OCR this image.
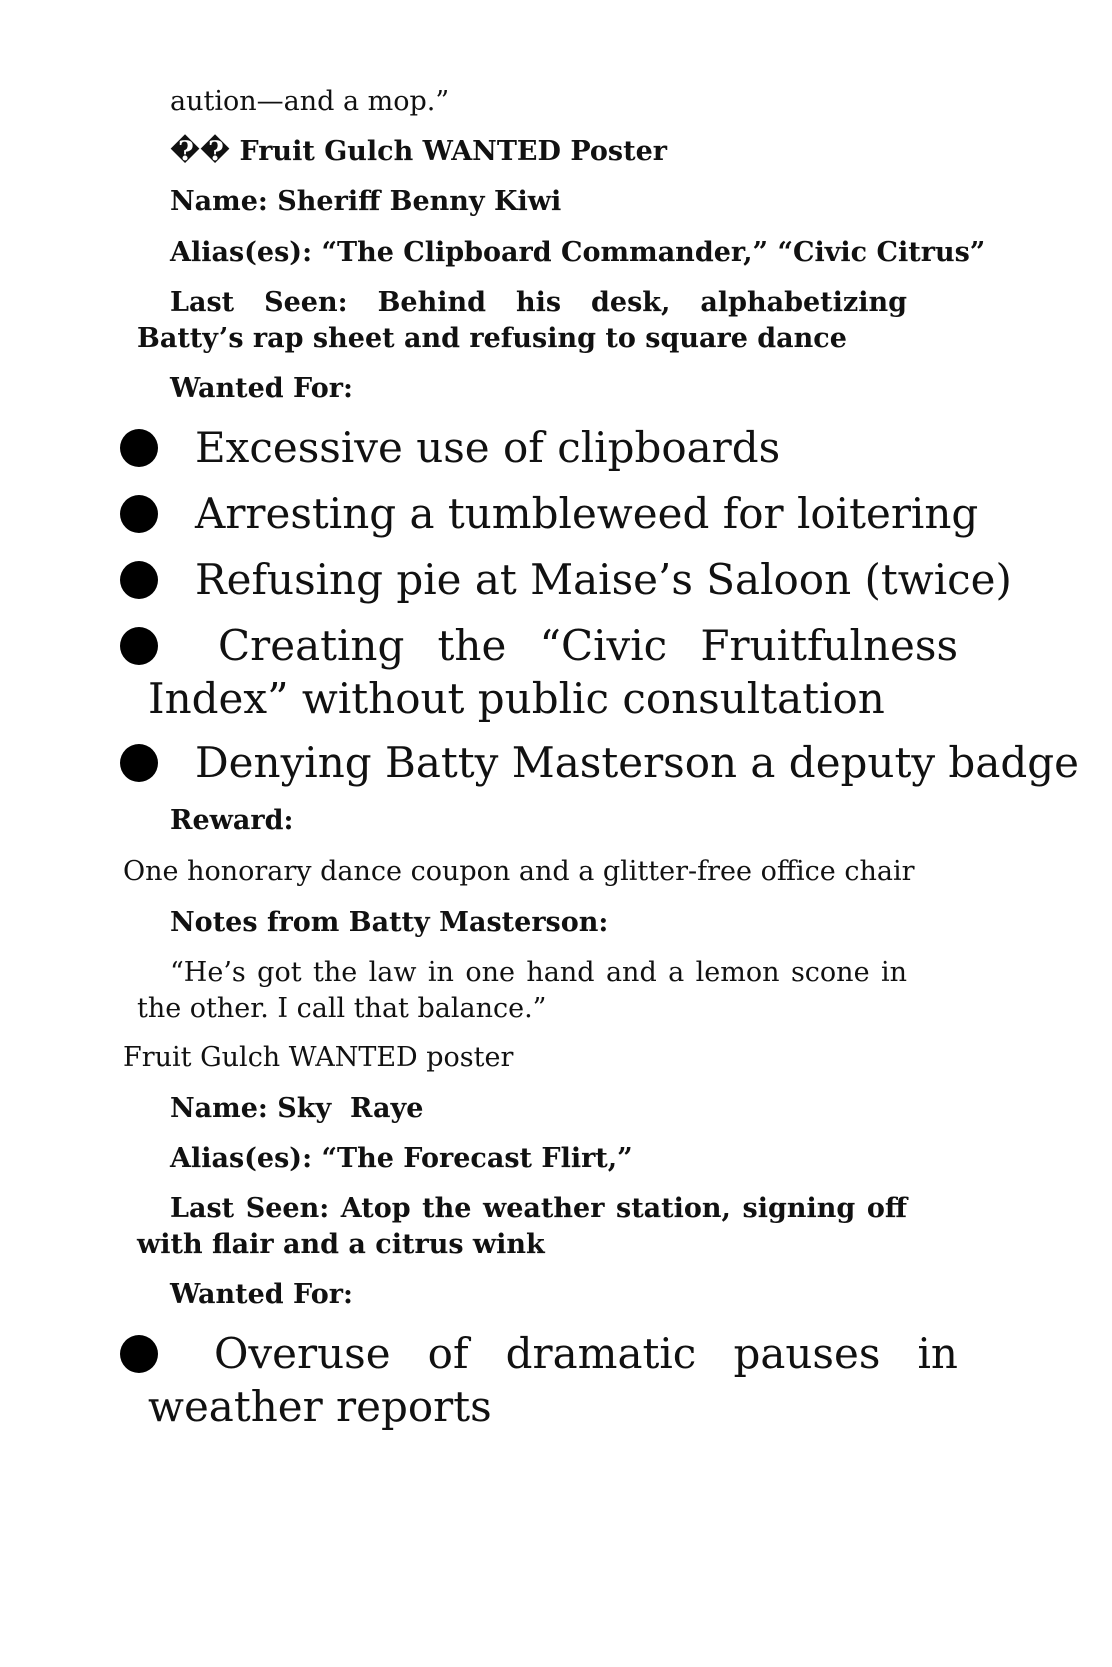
aution—and a mop.”

�� Fruit Gulch WANTED Poster

Name: Sheriff Benny Kiwi

Alias(es): “The Clipboard Commander,” “Civic Citrus”

Last Seen: Behind his desk, alphabetizing Batty’s rap sheet and refusing to square dance

Wanted For:

Excessive use of clipboards

Arresting a tumbleweed for loitering

Refusing pie at Maise’s Saloon (twice)

Creating the “Civic Fruitfulness Index” without public consultation

Denying Batty Masterson a deputy badge

Reward:

One honorary dance coupon and a glitter-free office chair

Notes from Batty Masterson:

“He’s got the law in one hand and a lemon scone in the other. I call that balance.”

Fruit Gulch WANTED poster

Name: Sky  Raye

Alias(es): “The Forecast Flirt,”

Last Seen: Atop the weather station, signing off with flair and a citrus wink

Wanted For:

Overuse of dramatic pauses in weather reports
